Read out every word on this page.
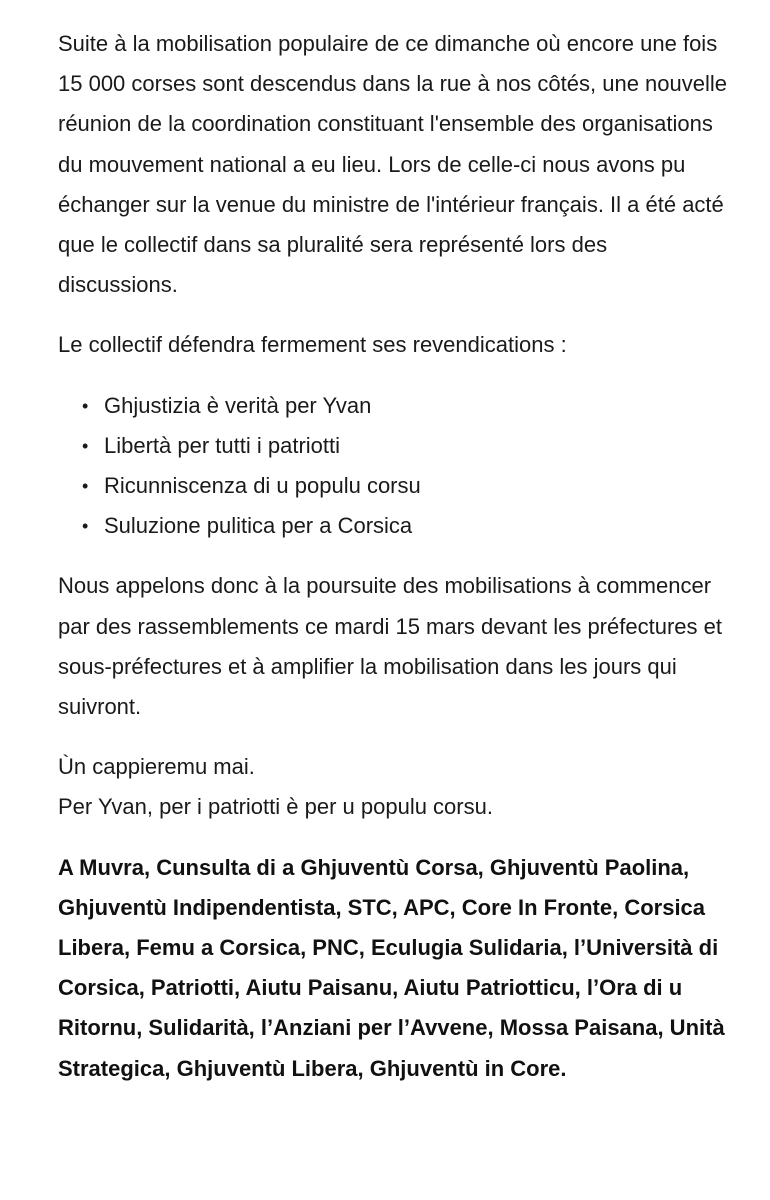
Suite à la mobilisation populaire de ce dimanche où encore une fois 15 000 corses sont descendus dans la rue à nos côtés, une nouvelle réunion de la coordination constituant l'ensemble des organisations du mouvement national a eu lieu. Lors de celle-ci nous avons pu échanger sur la venue du ministre de l'intérieur français. Il a été acté que le collectif dans sa pluralité sera représenté lors des discussions.

Le collectif défendra fermement ses revendications :

• Ghjustizia è verità per Yvan
• Libertà per tutti i patriotti
• Ricunniscenza di u populu corsu
• Suluzione pulitica per a Corsica

Nous appelons donc à la poursuite des mobilisations à commencer par des rassemblements ce mardi 15 mars devant les préfectures et sous-préfectures et à amplifier la mobilisation dans les jours qui suivront.

Ùn cappieremu mai.
Per Yvan, per i patriotti è per u populu corsu.

A Muvra, Cunsulta di a Ghjuventù Corsa, Ghjuventù Paolina, Ghjuventù Indipendentista, STC, APC, Core In Fronte, Corsica Libera, Femu a Corsica, PNC, Eculugia Sulidaria, l’Università di Corsica, Patriotti, Aiutu Paisanu, Aiutu Patriotticu, l’Ora di u Ritornu, Sulidarità, l’Anziani per l’Avvene, Mossa Paisana, Unità Strategica, Ghjuventù Libera, Ghjuventù in Core.
